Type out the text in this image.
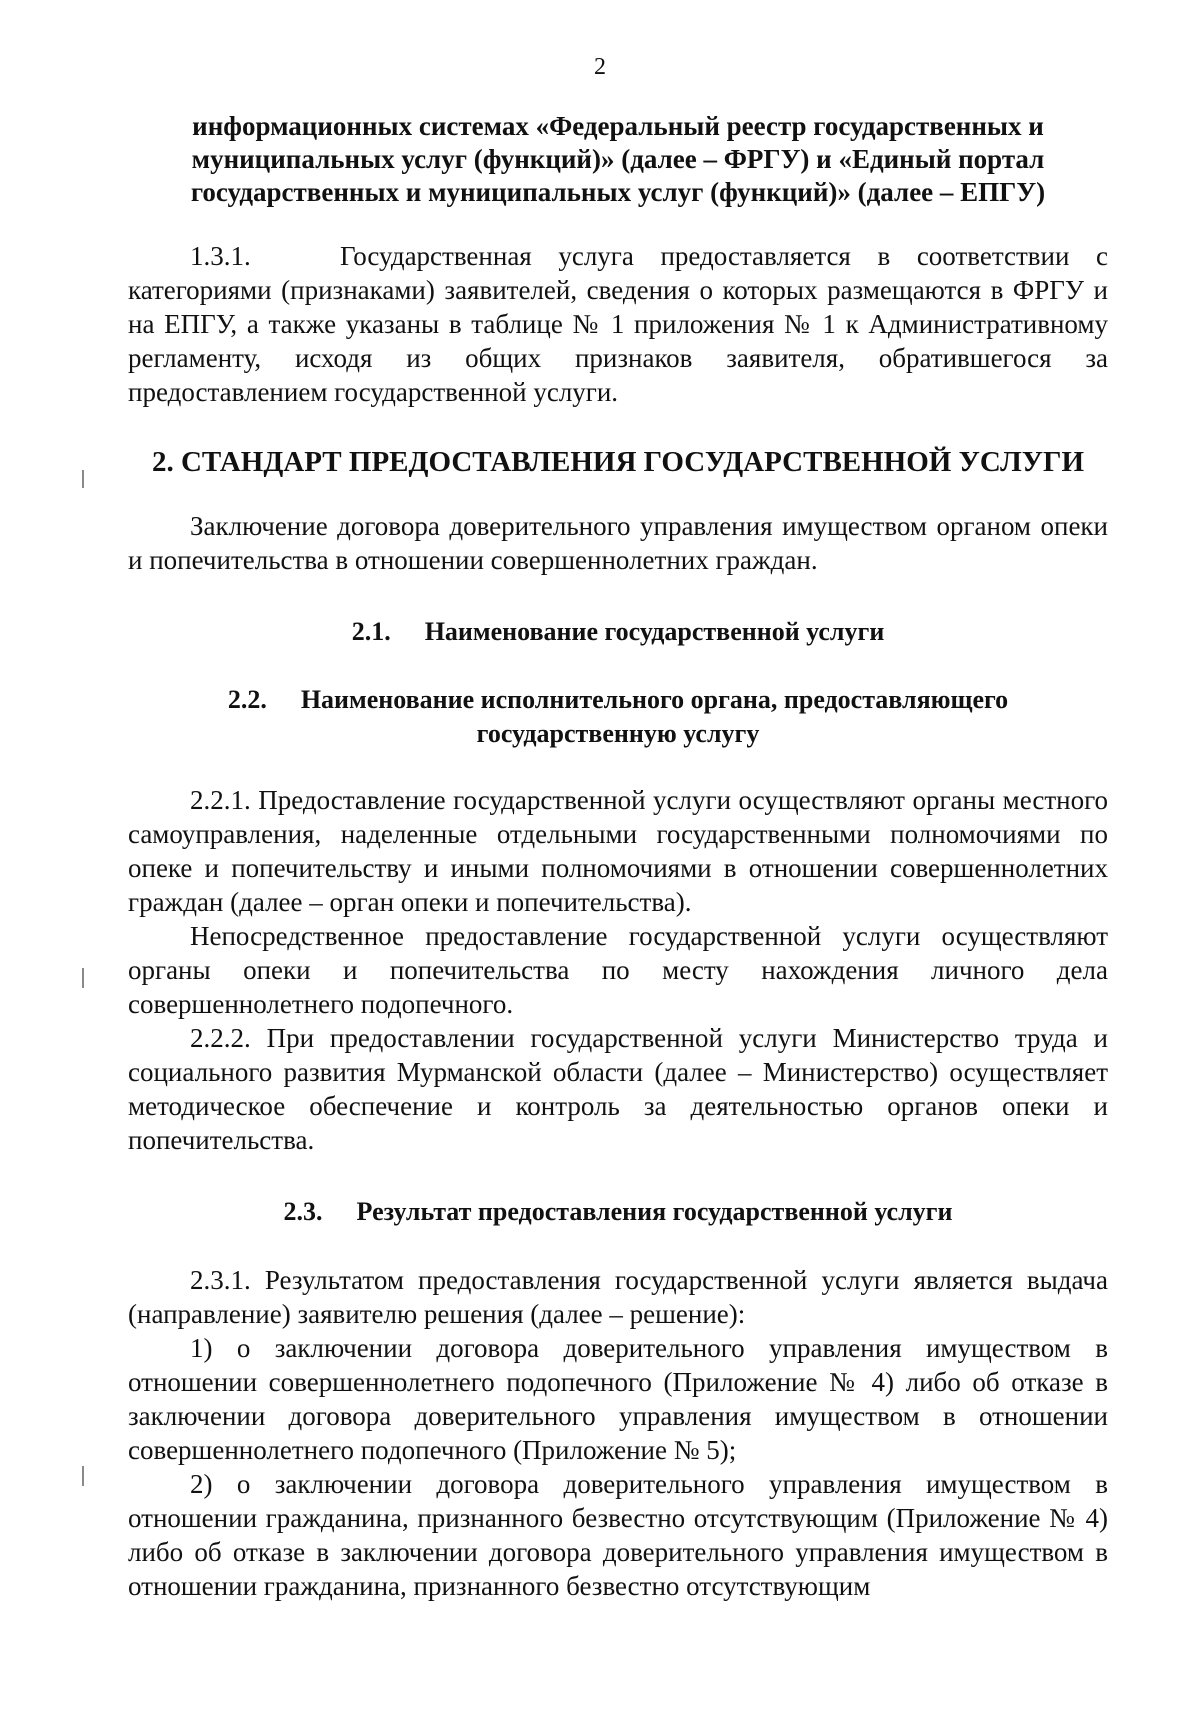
2

информационных системах «Федеральный реестр государственных и муниципальных услуг (функций)» (далее – ФРГУ) и «Единый портал государственных и муниципальных услуг (функций)» (далее – ЕПГУ)

1.3.1.	Государственная услуга предоставляется в соответствии с категориями (признаками) заявителей, сведения о которых размещаются в ФРГУ и на ЕПГУ, а также указаны в таблице № 1 приложения № 1 к Административному регламенту, исходя из общих признаков заявителя, обратившегося за предоставлением государственной услуги.

2. СТАНДАРТ ПРЕДОСТАВЛЕНИЯ ГОСУДАРСТВЕННОЙ УСЛУГИ

Заключение договора доверительного управления имуществом органом опеки и попечительства в отношении совершеннолетних граждан.

2.1. Наименование государственной услуги

2.2. Наименование исполнительного органа, предоставляющего государственную услугу

2.2.1. Предоставление государственной услуги осуществляют органы местного самоуправления, наделенные отдельными государственными полномочиями по опеке и попечительству и иными полномочиями в отношении совершеннолетних граждан (далее – орган опеки и попечительства).

Непосредственное предоставление государственной услуги осуществляют органы опеки и попечительства по месту нахождения личного дела совершеннолетнего подопечного.

2.2.2. При предоставлении государственной услуги Министерство труда и социального развития Мурманской области (далее – Министерство) осуществляет методическое обеспечение и контроль за деятельностью органов опеки и попечительства.

2.3. Результат предоставления государственной услуги

2.3.1. Результатом предоставления государственной услуги является выдача (направление) заявителю решения (далее – решение):

1) о заключении договора доверительного управления имуществом в отношении совершеннолетнего подопечного (Приложение № 4) либо об отказе в заключении договора доверительного управления имуществом в отношении совершеннолетнего подопечного (Приложение № 5);

2) о заключении договора доверительного управления имуществом в отношении гражданина, признанного безвестно отсутствующим (Приложение № 4) либо об отказе в заключении договора доверительного управления имуществом в отношении гражданина, признанного безвестно отсутствующим
